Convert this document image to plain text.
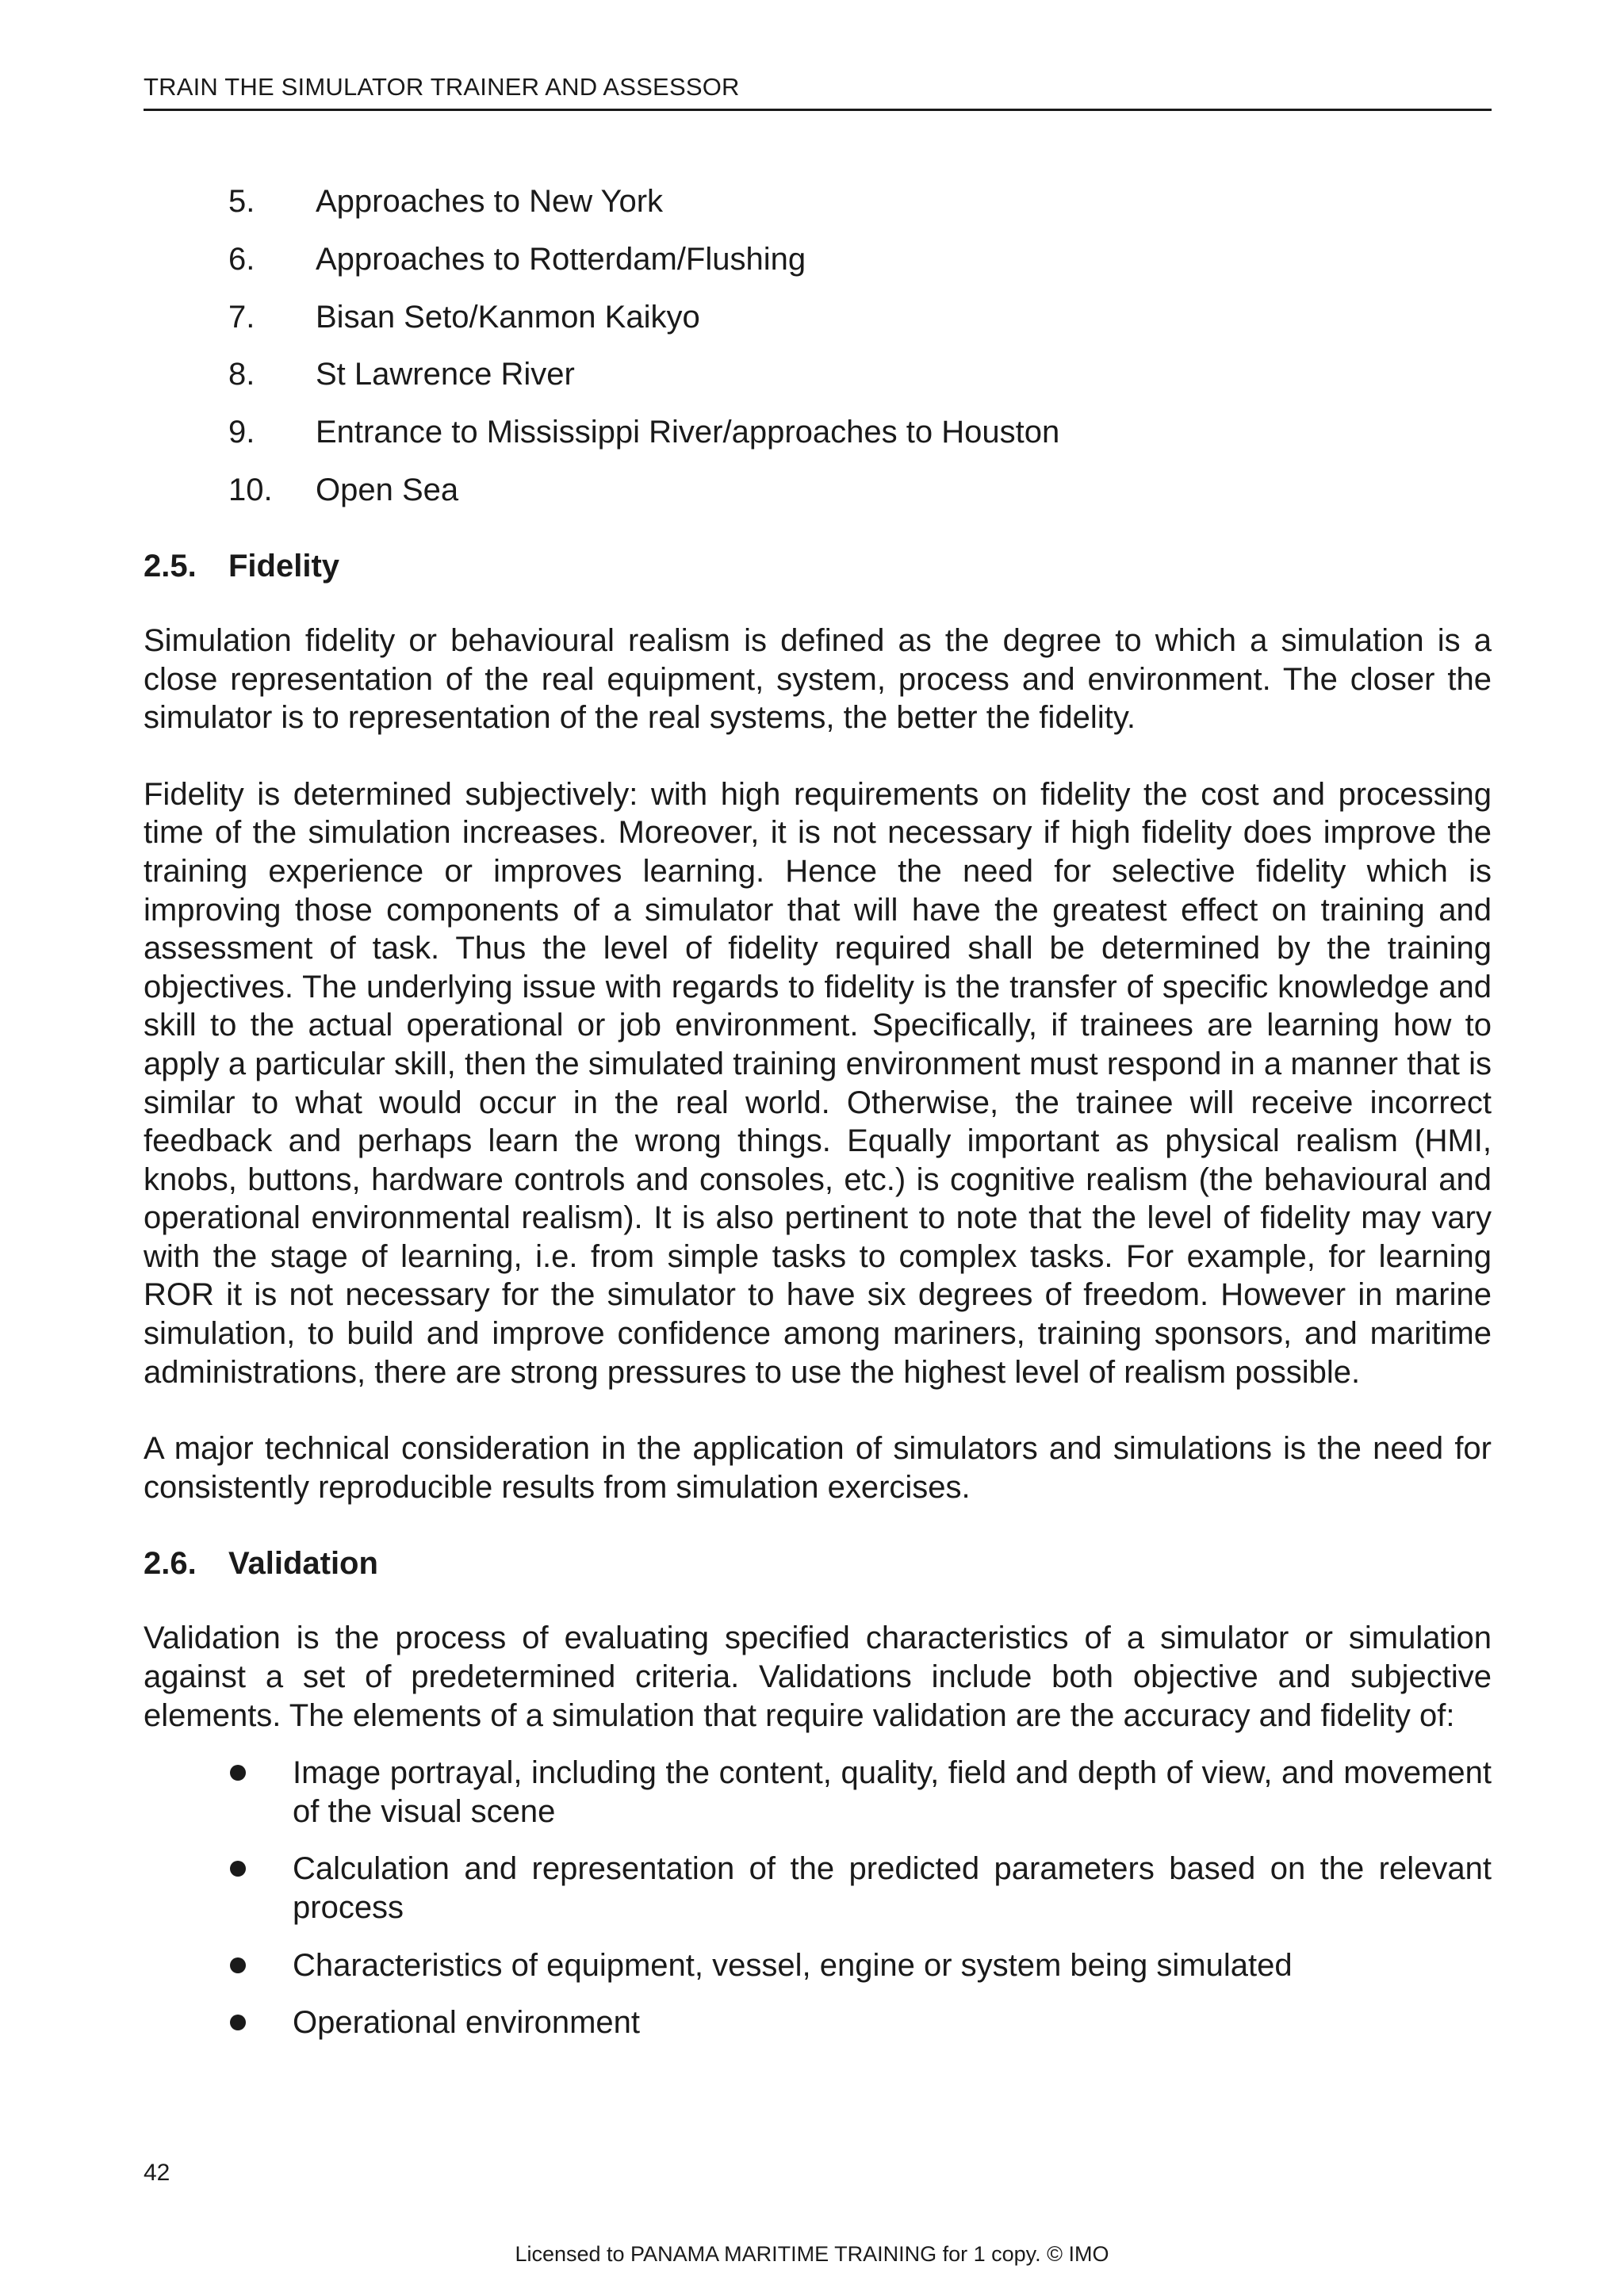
TRAIN THE SIMULATOR TRAINER AND ASSESSOR
5. Approaches to New York
6. Approaches to Rotterdam/Flushing
7. Bisan Seto/Kanmon Kaikyo
8. St Lawrence River
9. Entrance to Mississippi River/approaches to Houston
10. Open Sea
2.5. Fidelity

Simulation fidelity or behavioural realism is defined as the degree to which a simulation is a close representation of the real equipment, system, process and environment. The closer the simulator is to representation of the real systems, the better the fidelity.

Fidelity is determined subjectively: with high requirements on fidelity the cost and processing time of the simulation increases. Moreover, it is not necessary if high fidelity does improve the training experience or improves learning. Hence the need for selective fidelity which is improving those components of a simulator that will have the greatest effect on training and assessment of task. Thus the level of fidelity required shall be determined by the training objectives. The underlying issue with regards to fidelity is the transfer of specific knowledge and skill to the actual operational or job environment. Specifically, if trainees are learning how to apply a particular skill, then the simulated training environment must respond in a manner that is similar to what would occur in the real world. Otherwise, the trainee will receive incorrect feedback and perhaps learn the wrong things. Equally important as physical realism (HMI, knobs, buttons, hardware controls and consoles, etc.) is cognitive realism (the behavioural and operational environmental realism). It is also pertinent to note that the level of fidelity may vary with the stage of learning, i.e. from simple tasks to complex tasks. For example, for learning ROR it is not necessary for the simulator to have six degrees of freedom. However in marine simulation, to build and improve confidence among mariners, training sponsors, and maritime administrations, there are strong pressures to use the highest level of realism possible.

A major technical consideration in the application of simulators and simulations is the need for consistently reproducible results from simulation exercises.

2.6. Validation

Validation is the process of evaluating specified characteristics of a simulator or simulation against a set of predetermined criteria. Validations include both objective and subjective elements. The elements of a simulation that require validation are the accuracy and fidelity of:

Image portrayal, including the content, quality, field and depth of view, and movement of the visual scene
Calculation and representation of the predicted parameters based on the relevant process
Characteristics of equipment, vessel, engine or system being simulated
Operational environment
42
Licensed to PANAMA MARITIME TRAINING for 1 copy. © IMO
